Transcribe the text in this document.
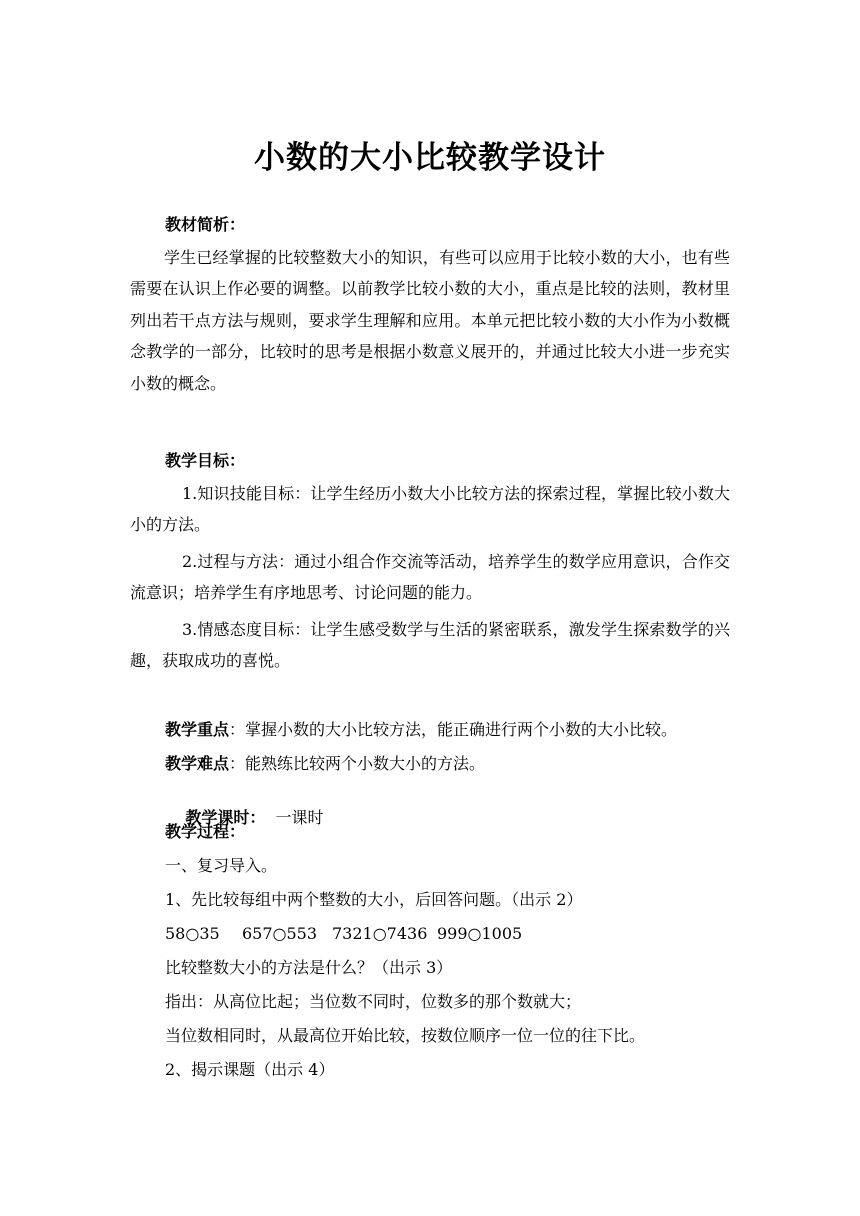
小数的大小比较教学设计
教材简析：
学生已经掌握的比较整数大小的知识，有些可以应用于比较小数的大小，也有些需要在认识上作必要的调整。以前教学比较小数的大小，重点是比较的法则，教材里列出若干点方法与规则，要求学生理解和应用。本单元把比较小数的大小作为小数概念教学的一部分，比较时的思考是根据小数意义展开的，并通过比较大小进一步充实小数的概念。
教学目标：
1.知识技能目标：让学生经历小数大小比较方法的探索过程，掌握比较小数大小的方法。
2.过程与方法：通过小组合作交流等活动，培养学生的数学应用意识，合作交流意识；培养学生有序地思考、讨论问题的能力。
3.情感态度目标：让学生感受数学与生活的紧密联系，激发学生探索数学的兴趣，获取成功的喜悦。
教学重点：掌握小数的大小比较方法，能正确进行两个小数的大小比较。
教学难点：能熟练比较两个小数大小的方法。

教学课时：  一课时

教学过程：
一、复习导入。
1、先比较每组中两个整数的大小，后回答问题。（出示 2）
58○35 657○553 7321○7436 999○1005
比较整数大小的方法是什么？（出示 3）
指出：从高位比起；当位数不同时，位数多的那个数就大；
当位数相同时，从最高位开始比较，按数位顺序一位一位的往下比。
2、揭示课题（出示 4）
